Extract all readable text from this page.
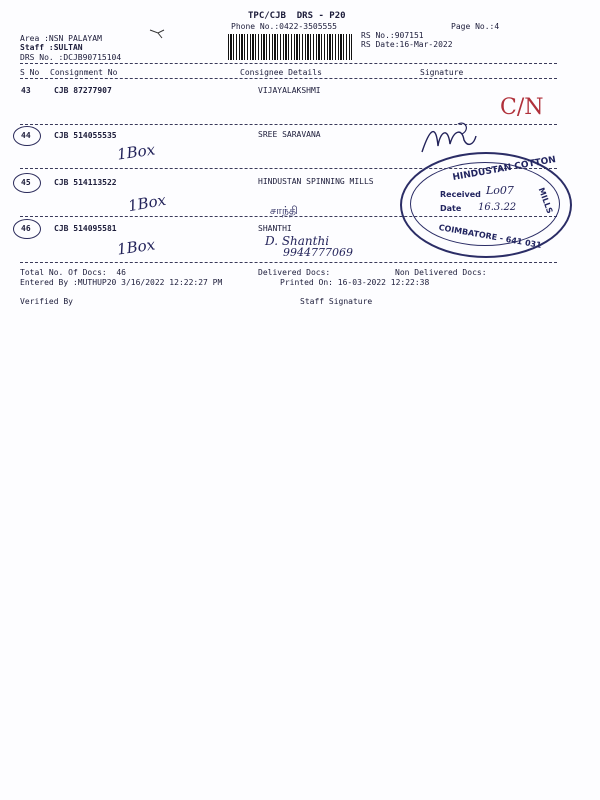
TPC/CJB  DRS - P20
Phone No.:0422-3505555	Page No.:4
RS No.:907151
RS Date:16-Mar-2022
Area :NSN PALAYAM
Staff :SULTAN
DRS No. :DCJB90715104
S No Consignment No	Consignee Details	Signature
43	CJB 87277907	VIJAYALAKSHMI
C/N
44	CJB 514055535	SREE SARAVANA
1Box
45	CJB 514113522	HINDUSTAN SPINNING MILLS
1Box	சாந்தி
46	CJB 514095581	SHANTHI
1Box	D. Shanthi
9944777069
HINDUSTAN COTTON
MILLS
COIMBATORE - 641 031
Received Lo07
Date 16.3.22
Total No. Of Docs:  46	Delivered Docs:	Non Delivered Docs:
Entered By :MUTHUP20 3/16/2022 12:22:27 PM	Printed On: 16-03-2022 12:22:38
Verified By	Staff Signature
